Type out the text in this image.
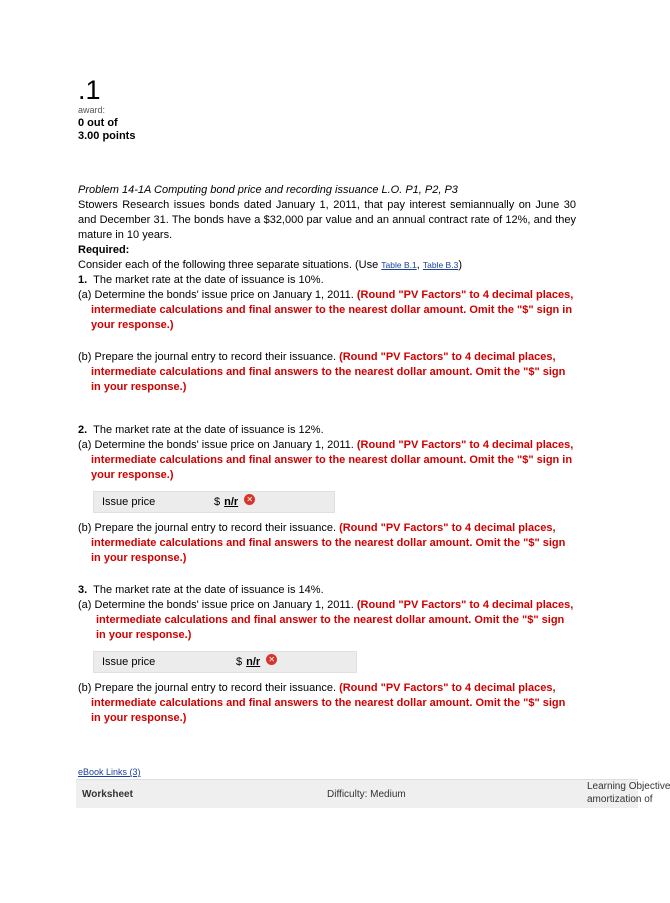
.1
award:
0 out of
3.00 points

Problem 14-1A Computing bond price and recording issuance L.O. P1, P2, P3

Stowers Research issues bonds dated January 1, 2011, that pay interest semiannually on June 30 and December 31. The bonds have a $32,000 par value and an annual contract rate of 12%, and they mature in 10 years.

Required:

Consider each of the following three separate situations. (Use Table B.1, Table B.3)

1. The market rate at the date of issuance is 10%.

(a) Determine the bonds' issue price on January 1, 2011. (Round "PV Factors" to 4 decimal places, intermediate calculations and final answer to the nearest dollar amount. Omit the "$" sign in your response.)

(b) Prepare the journal entry to record their issuance. (Round "PV Factors" to 4 decimal places, intermediate calculations and final answers to the nearest dollar amount. Omit the "$" sign in your response.)

2. The market rate at the date of issuance is 12%.

(a) Determine the bonds' issue price on January 1, 2011. (Round "PV Factors" to 4 decimal places, intermediate calculations and final answer to the nearest dollar amount. Omit the "$" sign in your response.)

Issue price	$ n/r ✕

(b) Prepare the journal entry to record their issuance. (Round "PV Factors" to 4 decimal places, intermediate calculations and final answers to the nearest dollar amount. Omit the "$" sign in your response.)

3. The market rate at the date of issuance is 14%.

(a) Determine the bonds' issue price on January 1, 2011. (Round "PV Factors" to 4 decimal places, intermediate calculations and final answer to the nearest dollar amount. Omit the "$" sign in your response.)

Issue price	$ n/r ✕

(b) Prepare the journal entry to record their issuance. (Round "PV Factors" to 4 decimal places, intermediate calculations and final answers to the nearest dollar amount. Omit the "$" sign in your response.)

eBook Links (3)
Worksheet	Difficulty: Medium
Learning Objective
amortization of
